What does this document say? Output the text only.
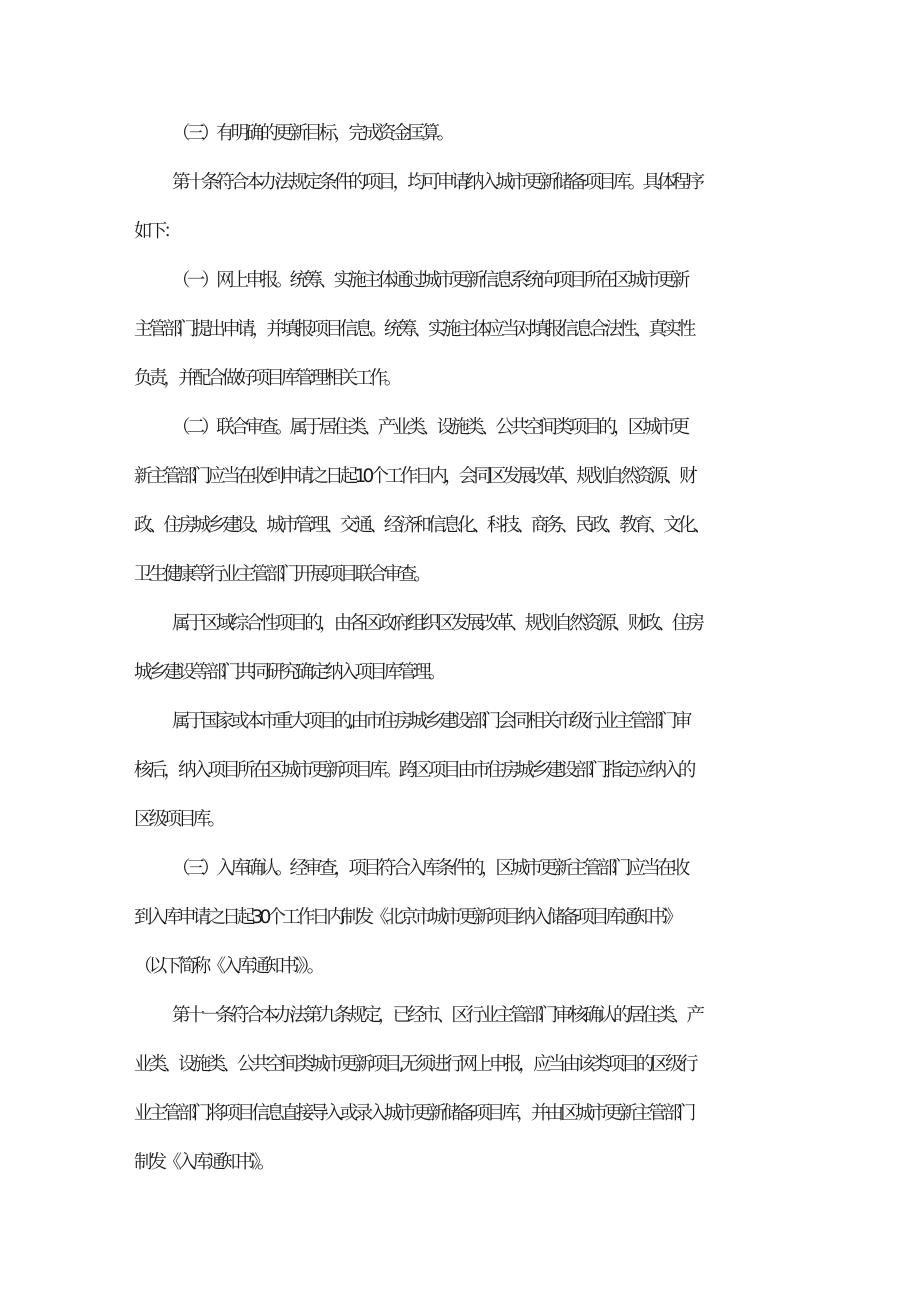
（三）有明确的更新目标，完成资金匡算。
第十条符合本办法规定条件的项目，均可申请纳入城市更新储备项目库。具体程序
如下：
（一）网上申报。统筹、实施主体通过城市更新信息系统向项目所在区城市更新
主管部门提出申请，并填报项目信息。统筹、实施主体应当对填报信息合法性、真实性
负责，并配合做好项目库管理相关工作。
（二）联合审查。属于居住类、产业类、设施类、公共空间类项目的，区城市更
新主管部门应当在收到申请之日起10个工作日内，会同区发展改革、规划自然资源、财
政、住房城乡建设、城市管理、交通、经济和信息化、科技、商务、民政、教育、文化、
卫生健康等行业主管部门开展项目联合审查。
属于区域综合性项目的，由各区政府组织区发展改革、规划自然资源、财政、住房
城乡建设等部门共同研究确定纳入项目库管理。
属于国家或本市重大项目的,由市住房城乡建设部门会同相关市级行业主管部门审
核后，纳入项目所在区城市更新项目库。跨区项目由市住房城乡建设部门指定应纳入的
区级项目库。
（三）入库确认。经审查，项目符合入库条件的，区城市更新主管部门应当在收
到入库申请之日起30个工作日内制发《北京市城市更新项目纳入储备项目库通知书》
（以下简称《入库通知书》）。
第十一条符合本办法第九条规定，已经市、区行业主管部门审核确认的居住类、产
业类、设施类、公共空间类城市更新项目,无须进行网上申报，应当由该类项目的区级行
业主管部门将项目信息直接导入或录入城市更新储备项目库，并由区城市更新主管部门
制发《入库通知书》。
